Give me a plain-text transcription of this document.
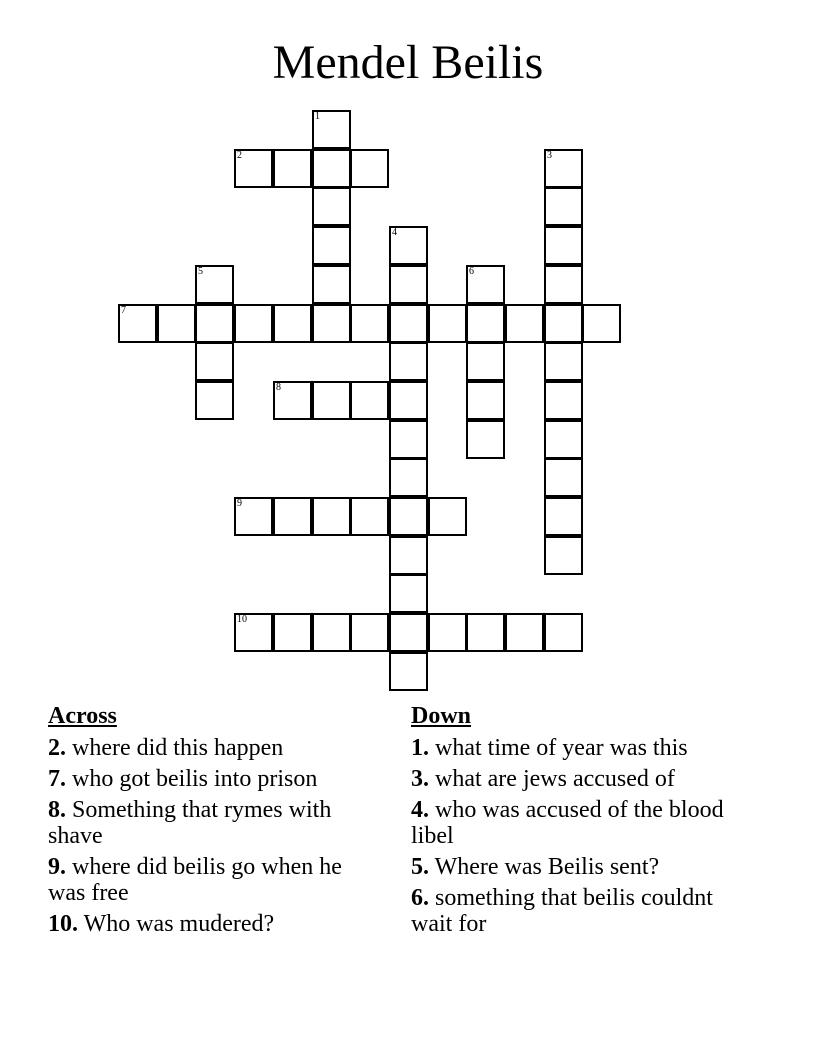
Mendel Beilis
1
2	3
4
5	6
7
8
9
10
Across
2. where did this happen
7. who got beilis into prison
8. Something that rymes with shave
9. where did beilis go when he was free
10. Who was mudered?
Down
1. what time of year was this
3. what are jews accused of
4. who was accused of the blood libel
5. Where was Beilis sent?
6. something that beilis couldnt wait for
